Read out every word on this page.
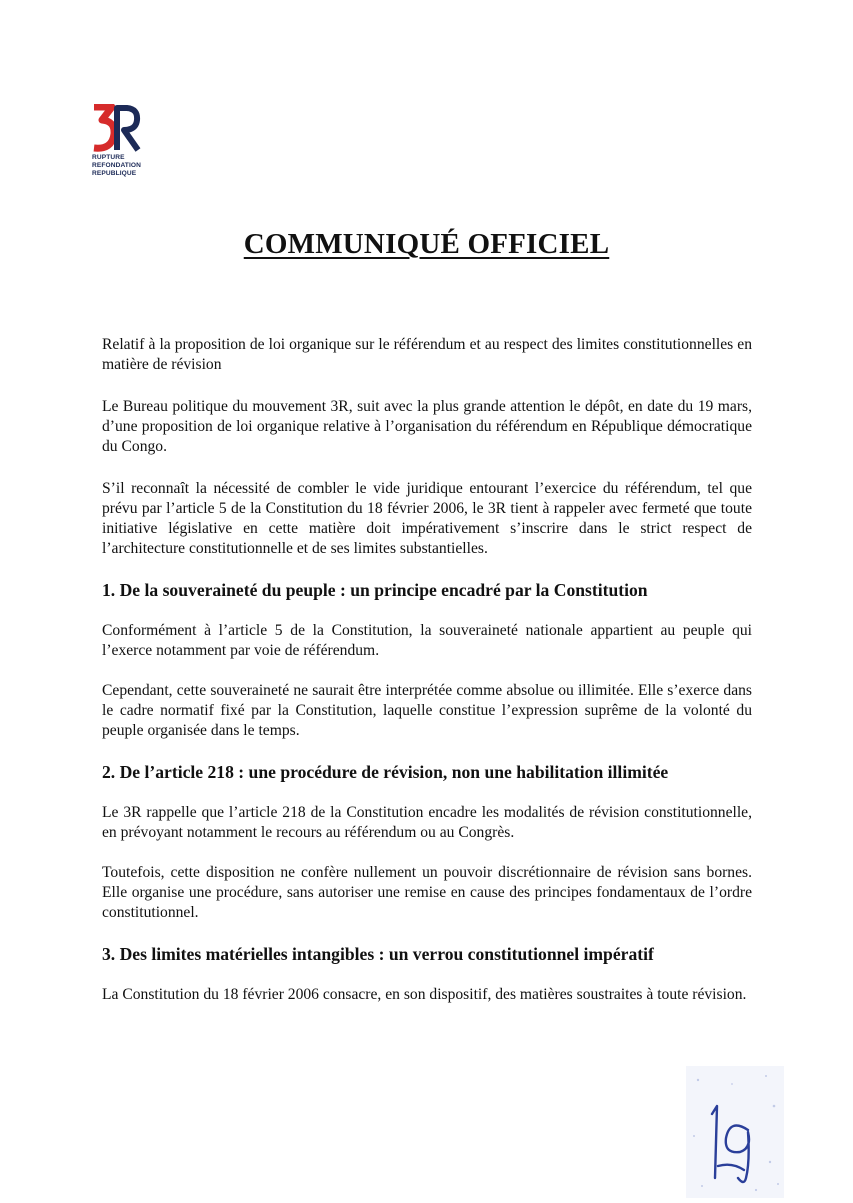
RUPTURE
REFONDATION
REPUBLIQUE
COMMUNIQUÉ OFFICIEL

Relatif à la proposition de loi organique sur le référendum et au respect des limites constitutionnelles en matière de révision

Le Bureau politique du mouvement 3R, suit avec la plus grande attention le dépôt, en date du 19 mars, d’une proposition de loi organique relative à l’organisation du référendum en République démocratique du Congo.

S’il reconnaît la nécessité de combler le vide juridique entourant l’exercice du référendum, tel que prévu par l’article 5 de la Constitution du 18 février 2006, le 3R tient à rappeler avec fermeté que toute initiative législative en cette matière doit impérativement s’inscrire dans le strict respect de l’architecture constitutionnelle et de ses limites substantielles.

1. De la souveraineté du peuple : un principe encadré par la Constitution

Conformément à l’article 5 de la Constitution, la souveraineté nationale appartient au peuple qui l’exerce notamment par voie de référendum.

Cependant, cette souveraineté ne saurait être interprétée comme absolue ou illimitée. Elle s’exerce dans le cadre normatif fixé par la Constitution, laquelle constitue l’expression suprême de la volonté du peuple organisée dans le temps.

2. De l’article 218 : une procédure de révision, non une habilitation illimitée

Le 3R rappelle que l’article 218 de la Constitution encadre les modalités de révision constitutionnelle, en prévoyant notamment le recours au référendum ou au Congrès.

Toutefois, cette disposition ne confère nullement un pouvoir discrétionnaire de révision sans bornes. Elle organise une procédure, sans autoriser une remise en cause des principes fondamentaux de l’ordre constitutionnel.

3. Des limites matérielles intangibles : un verrou constitutionnel impératif

La Constitution du 18 février 2006 consacre, en son dispositif, des matières soustraites à toute révision.
